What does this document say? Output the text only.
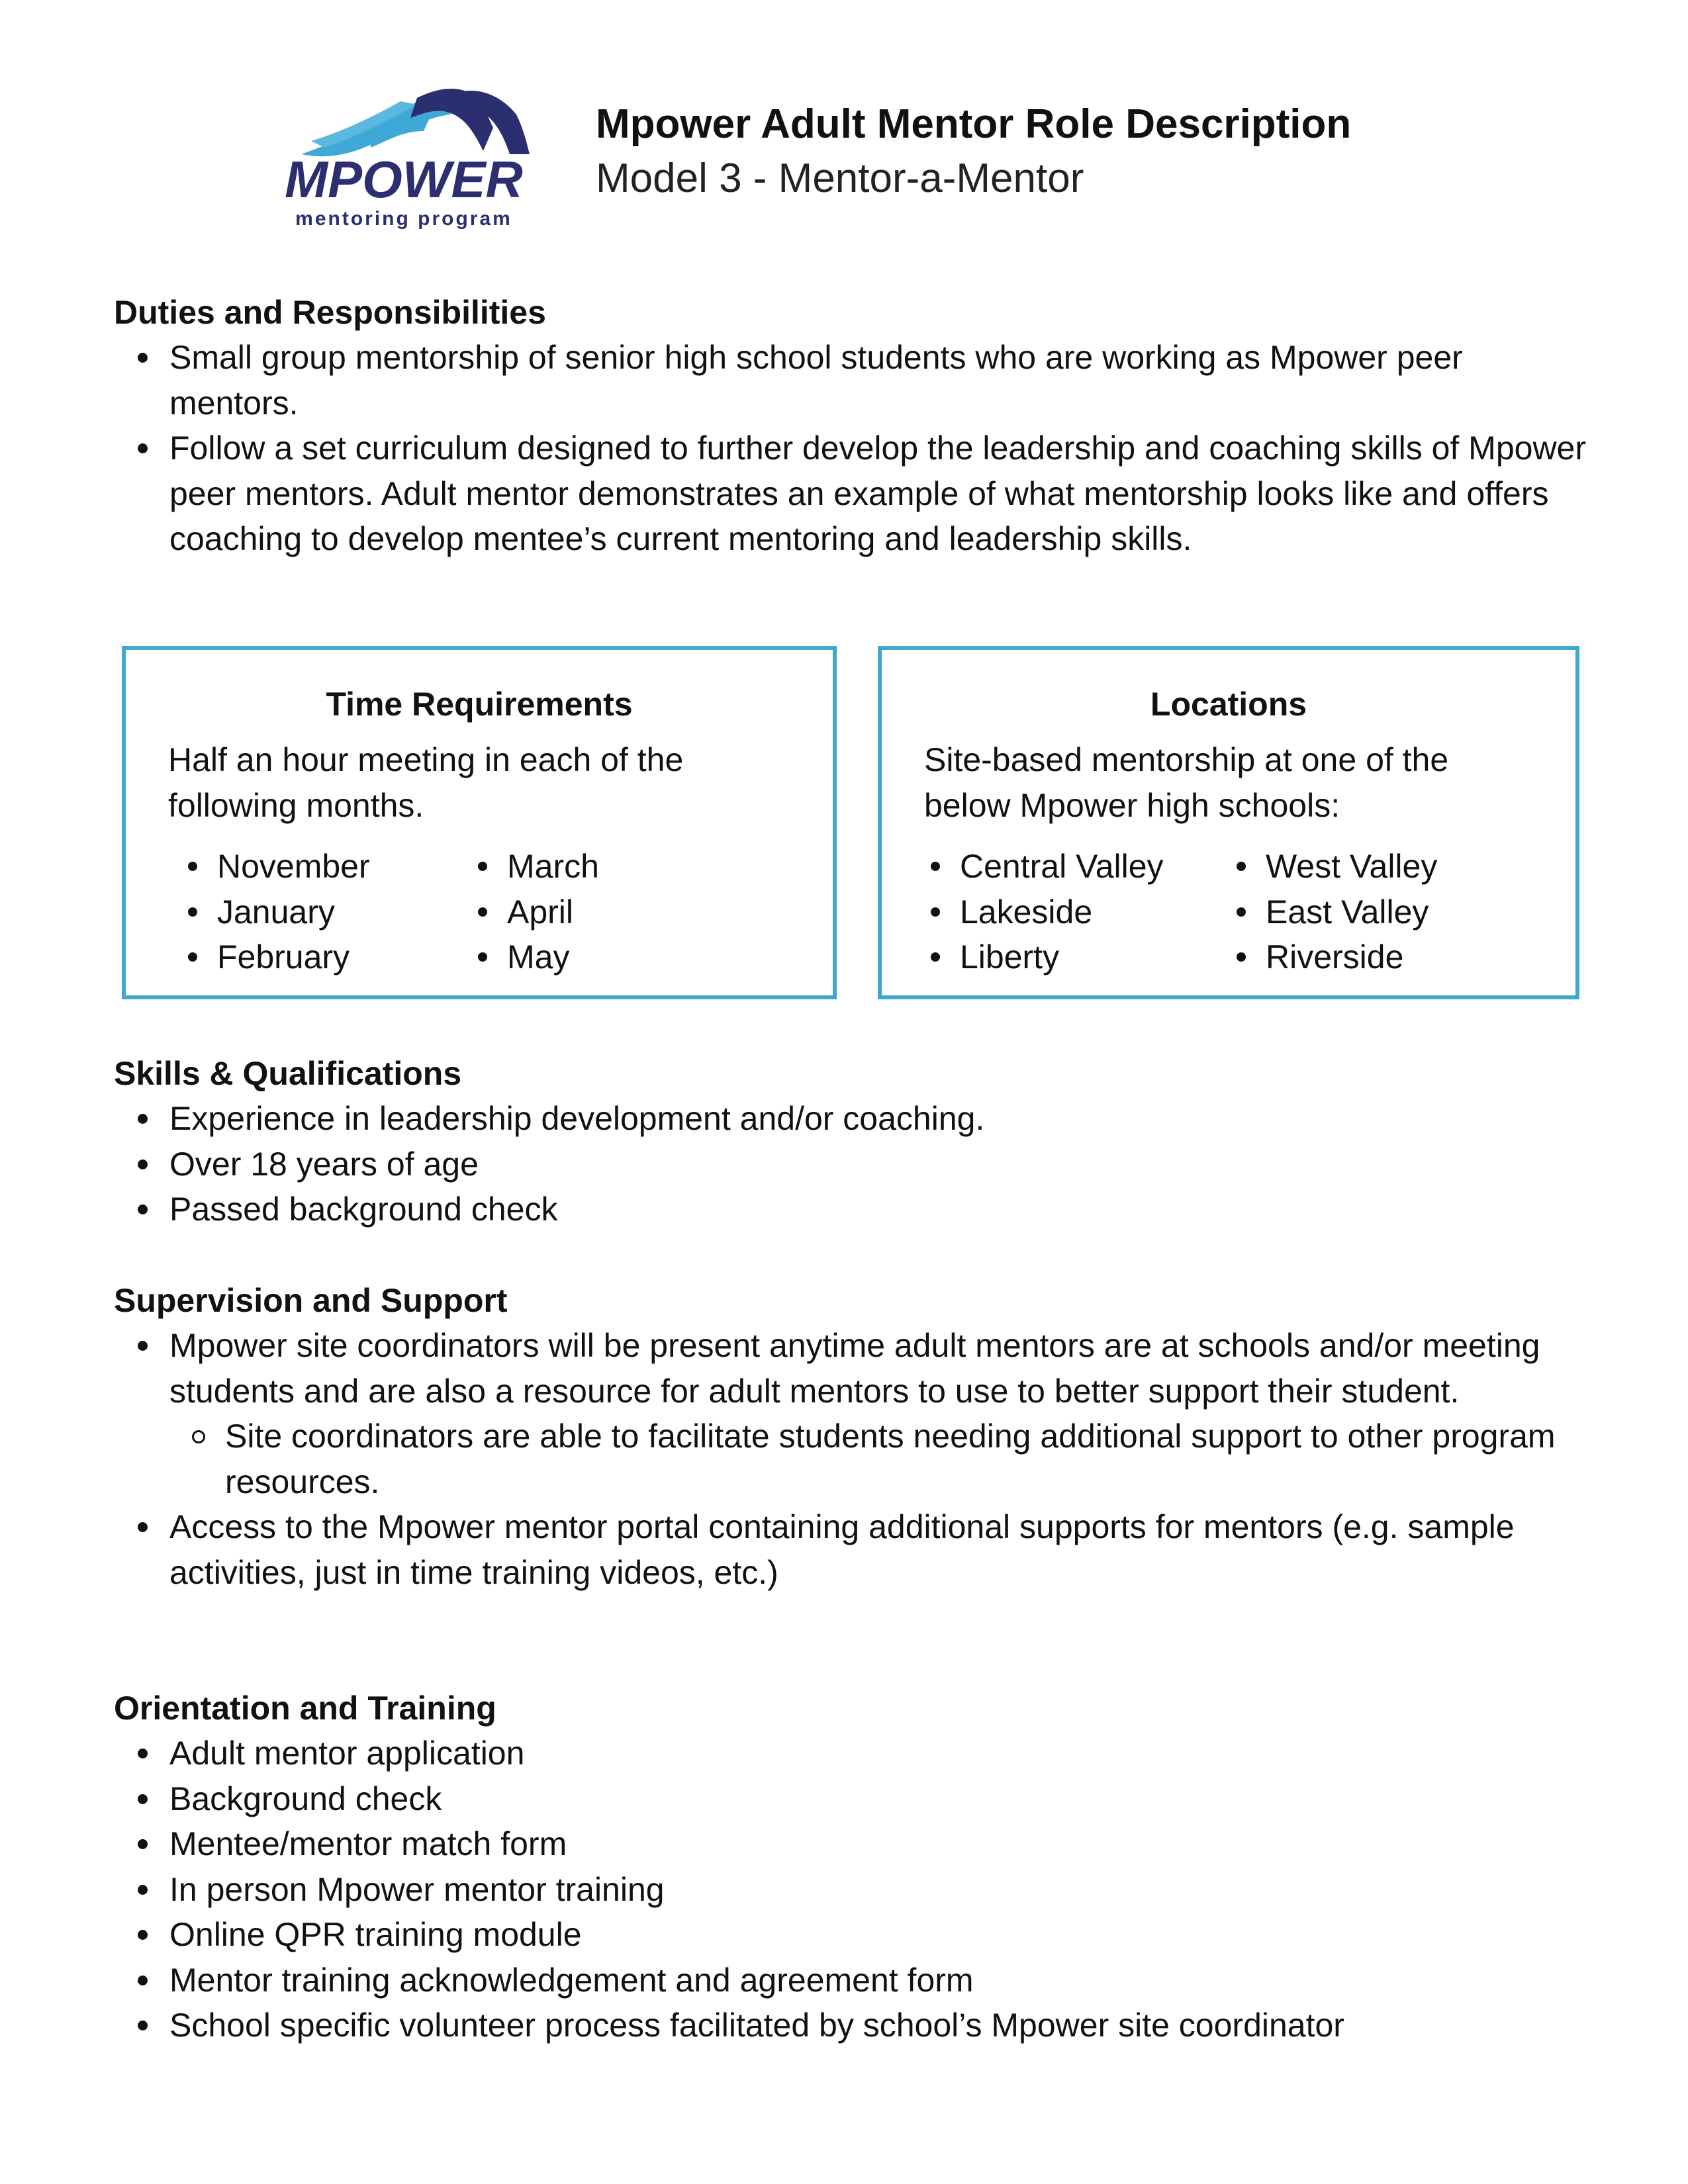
MPOWER
mentoring program
Mpower Adult Mentor Role Description
Model 3 - Mentor-a-Mentor
Duties and Responsibilities
Small group mentorship of senior high school students who are working as Mpower peer mentors.
Follow a set curriculum designed to further develop the leadership and coaching skills of Mpower peer mentors. Adult mentor demonstrates an example of what mentorship looks like and offers coaching to develop mentee’s current mentoring and leadership skills.
Time Requirements
Half an hour meeting in each of the following months.
November
January
February
March
April
May
Locations
Site-based mentorship at one of the below Mpower high schools:
Central Valley
Lakeside
Liberty
West Valley
East Valley
Riverside
Skills & Qualifications
Experience in leadership development and/or coaching.
Over 18 years of age
Passed background check
Supervision and Support
Mpower site coordinators will be present anytime adult mentors are at schools and/or meeting students and are also a resource for adult mentors to use to better support their student.
Site coordinators are able to facilitate students needing additional support to other program resources.
Access to the Mpower mentor portal containing additional supports for mentors (e.g. sample activities, just in time training videos, etc.)
Orientation and Training
Adult mentor application
Background check
Mentee/mentor match form
In person Mpower mentor training
Online QPR training module
Mentor training acknowledgement and agreement form
School specific volunteer process facilitated by school’s Mpower site coordinator
